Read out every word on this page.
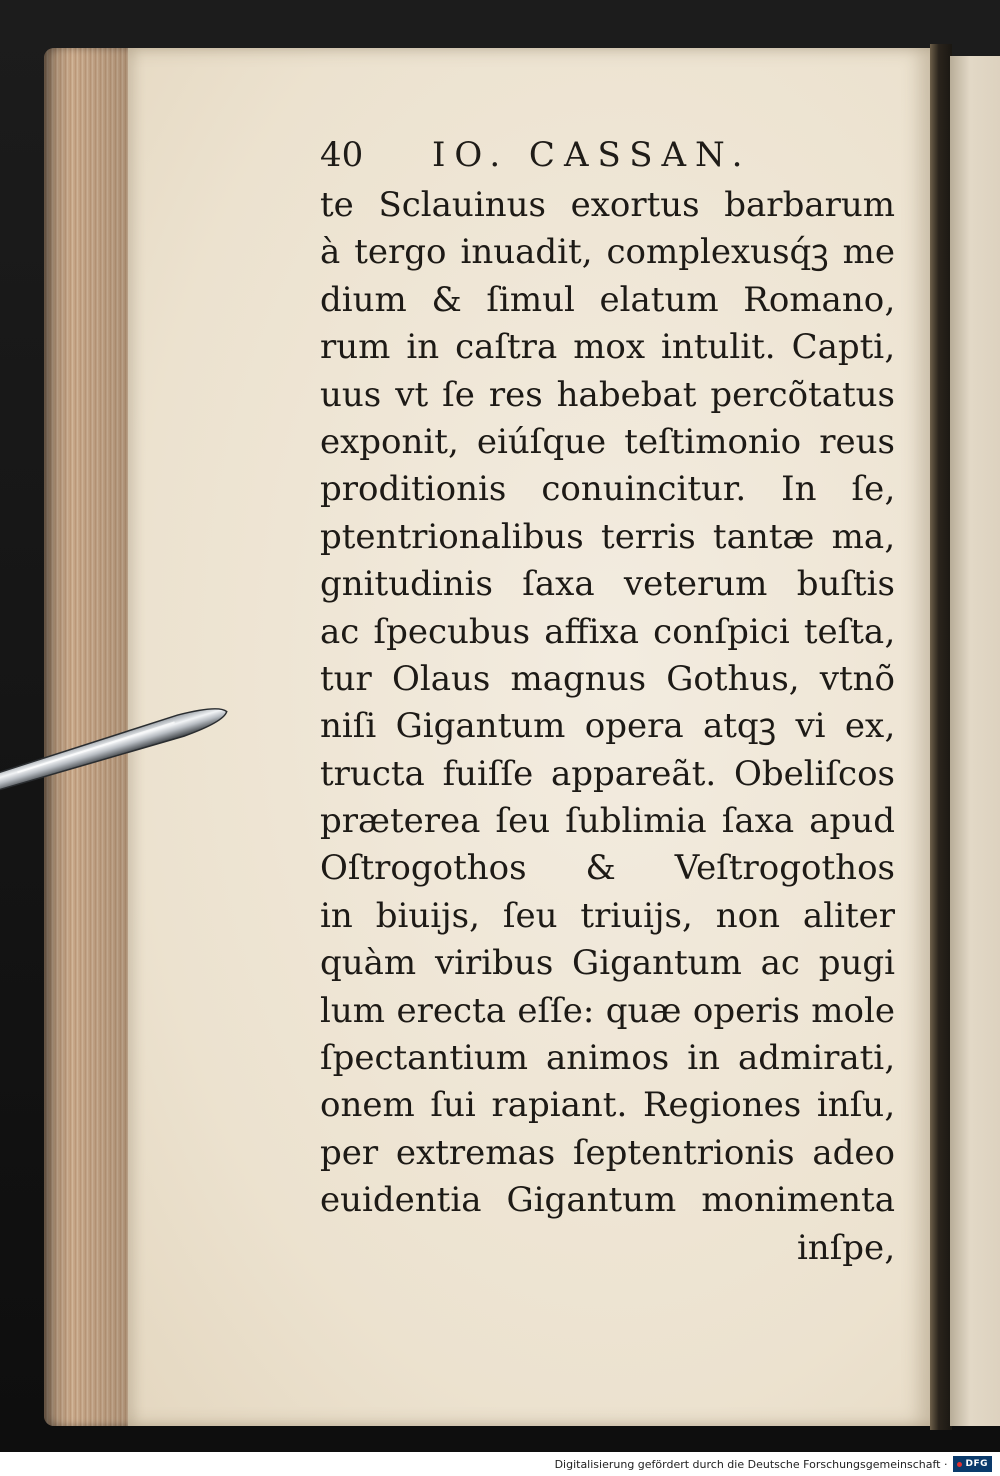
40	IO. CASSAN.
te Sclauinus exortus barbarum
à tergo inuadit, complexusq́ꝫ me
dium & ſimul elatum Romano‚
rum in caſtra mox intulit. Capti‚
uus vt ſe res habebat percõtatus
exponit, eiúſque teſtimonio reus
proditionis conuincitur. In ſe‚
ptentrionalibus terris tantæ ma‚
gnitudinis ſaxa veterum buſtis
ac ſpecubus affixa conſpici teſta‚
tur Olaus magnus Gothus, vtnõ
niſi Gigantum opera atqꝫ vi ex‚
tructa fuiſſe appareãt. Obeliſcos
præterea ſeu ſublimia ſaxa apud
Oſtrogothos & Veſtrogothos
in biuijs, ſeu triuijs, non aliter
quàm viribus Gigantum ac pugi
lum erecta eſſe: quæ operis mole
ſpectantium animos in admirati‚
onem ſui rapiant. Regiones inſu‚
per extremas ſeptentrionis adeo
euidentia Gigantum monimenta
inſpe‚
Digitalisierung gefördert durch die Deutsche Forschungsgemeinschaft · DFG
